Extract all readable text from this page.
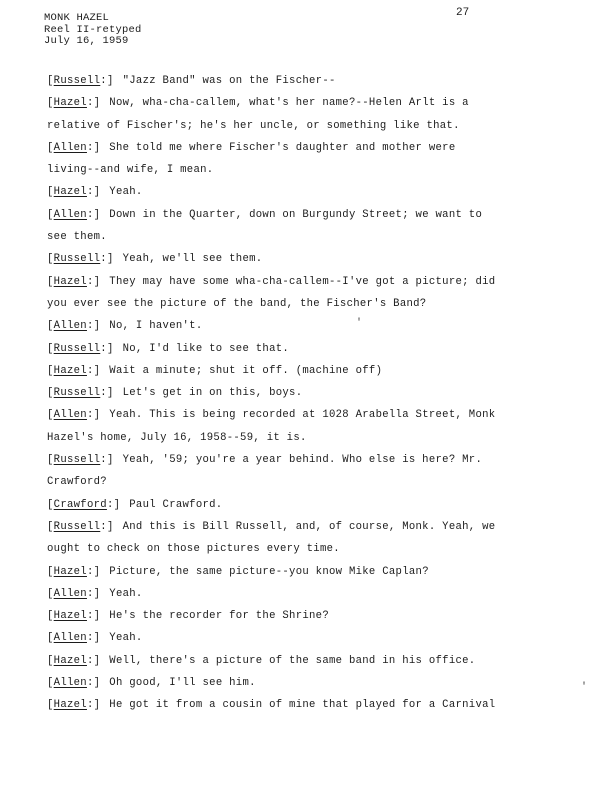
MONK HAZEL
Reel II-retyped
July 16, 1959
27
[Russell:] "Jazz Band" was on the Fischer--
[Hazel:] Now, wha-cha-callem, what's her name?--Helen Arlt is a
relative of Fischer's; he's her uncle, or something like that.
[Allen:] She told me where Fischer's daughter and mother were
living--and wife, I mean.
[Hazel:] Yeah.
[Allen:] Down in the Quarter, down on Burgundy Street; we want to
see them.
[Russell:] Yeah, we'll see them.
[Hazel:] They may have some wha-cha-callem--I've got a picture; did
you ever see the picture of the band, the Fischer's Band?
[Allen:] No, I haven't.
[Russell:] No, I'd like to see that.
[Hazel:] Wait a minute; shut it off. (machine off)
[Russell:] Let's get in on this, boys.
[Allen:] Yeah. This is being recorded at 1028 Arabella Street, Monk
Hazel's home, July 16, 1958--59, it is.
[Russell:] Yeah, '59; you're a year behind. Who else is here? Mr.
Crawford?
[Crawford:] Paul Crawford.
[Russell:] And this is Bill Russell, and, of course, Monk. Yeah, we
ought to check on those pictures every time.
[Hazel:] Picture, the same picture--you know Mike Caplan?
[Allen:] Yeah.
[Hazel:] He's the recorder for the Shrine?
[Allen:] Yeah.
[Hazel:] Well, there's a picture of the same band in his office.
[Allen:] Oh good, I'll see him.
[Hazel:] He got it from a cousin of mine that played for a Carnival
'
'
